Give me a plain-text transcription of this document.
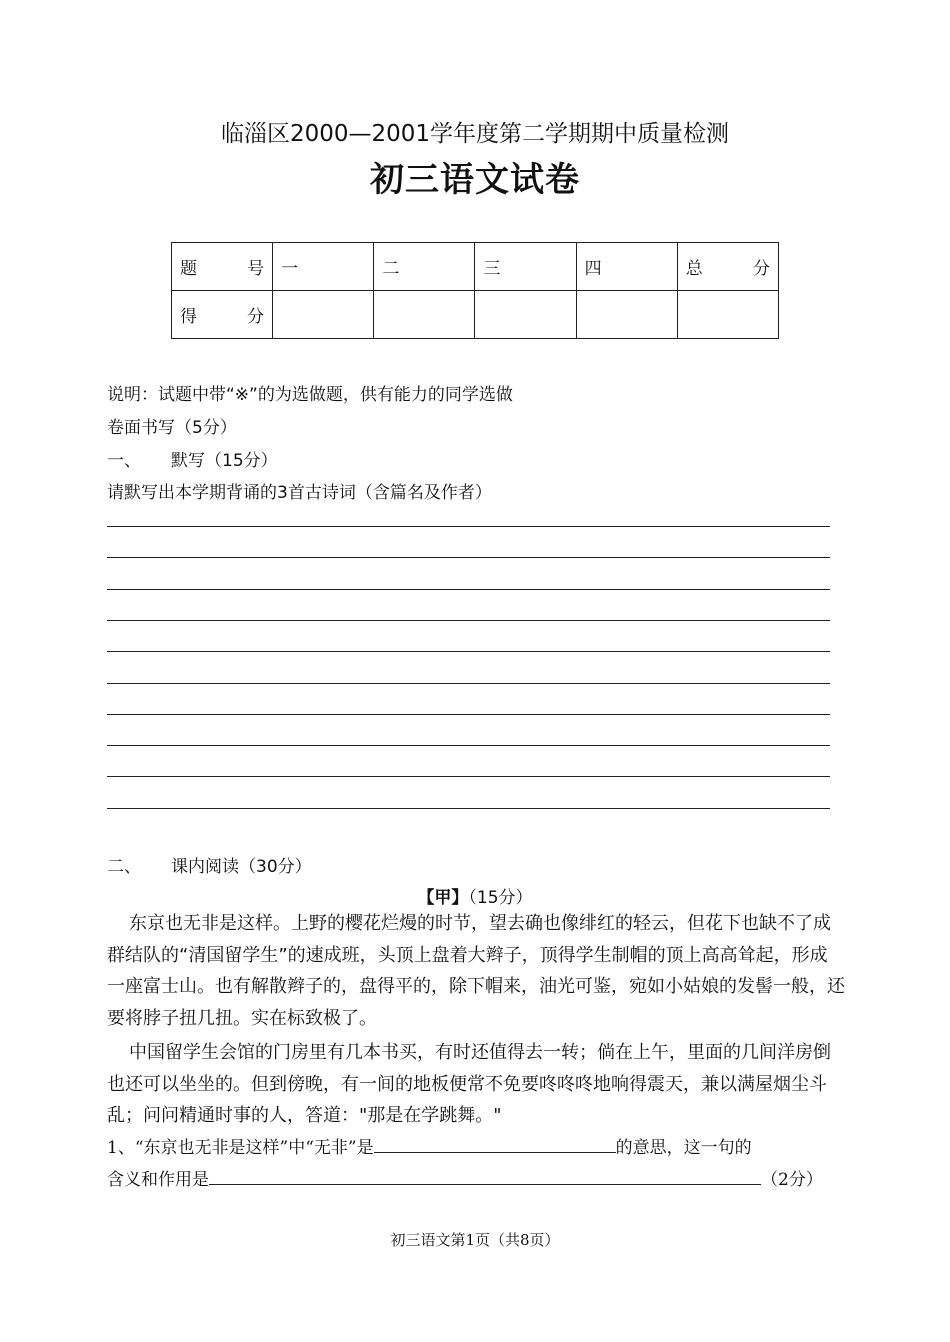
临淄区2000—2001学年度第二学期期中质量检测
初三语文试卷
题 号	一	二	三	四	总 分

得 分					

说明：试题中带“※”的为选做题，供有能力的同学选做
卷面书写（5分）
一、 默写（15分）
请默写出本学期背诵的3首古诗词（含篇名及作者）
二、 课内阅读（30分）
【甲】（15分）
东京也无非是这样。上野的樱花烂熳的时节，望去确也像绯红的轻云，但花下也缺不了成群结队的“清国留学生”的速成班，头顶上盘着大辫子，顶得学生制帽的顶上高高耸起，形成一座富士山。也有解散辫子的，盘得平的，除下帽来，油光可鉴，宛如小姑娘的发髻一般，还要将脖子扭几扭。实在标致极了。
中国留学生会馆的门房里有几本书买，有时还值得去一转；倘在上午，里面的几间洋房倒也还可以坐坐的。但到傍晚，有一间的地板便常不免要咚咚咚地响得震天，兼以满屋烟尘斗乱；问问精通时事的人，答道："那是在学跳舞。"
1、“东京也无非是这样”中“无非”是	的意思，这一句的
含义和作用是	（2分）
初三语文第1页（共8页）
